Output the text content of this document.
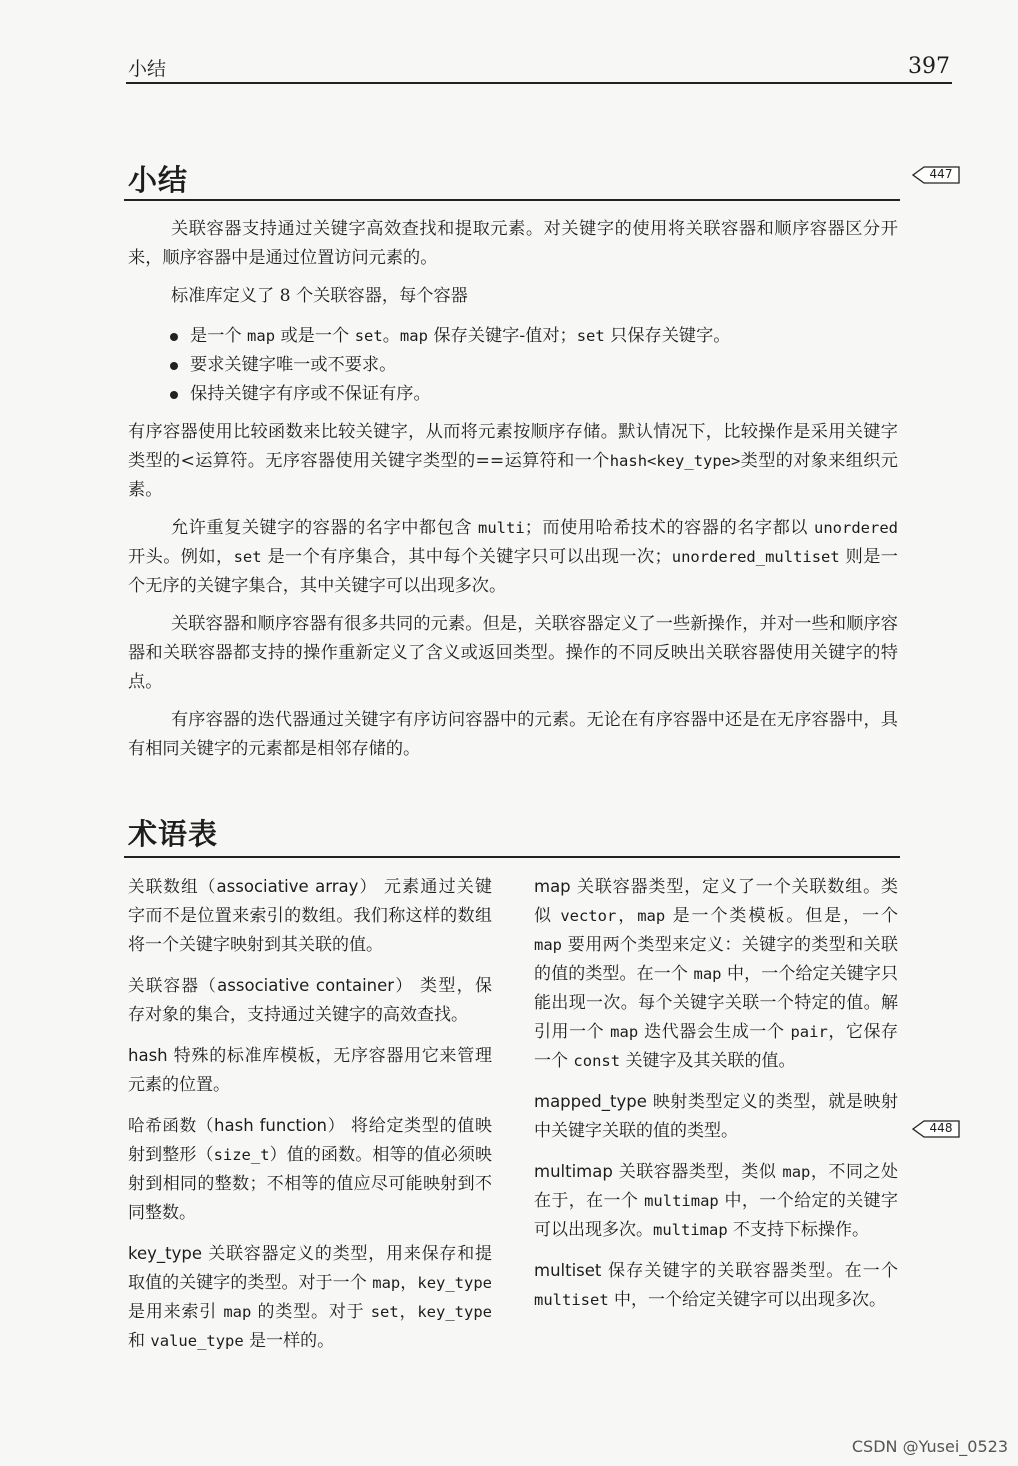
小结	397
小结	447

关联容器支持通过关键字高效查找和提取元素。对关键字的使用将关联容器和顺序容器区分开来，顺序容器中是通过位置访问元素的。

标准库定义了 8 个关联容器，每个容器

是一个 map 或是一个 set。map 保存关键字-值对；set 只保存关键字。
要求关键字唯一或不要求。
保持关键字有序或不保证有序。

有序容器使用比较函数来比较关键字，从而将元素按顺序存储。默认情况下，比较操作是采用关键字类型的<运算符。无序容器使用关键字类型的==运算符和一个hash<key_type>类型的对象来组织元素。

允许重复关键字的容器的名字中都包含 multi；而使用哈希技术的容器的名字都以 unordered 开头。例如，set 是一个有序集合，其中每个关键字只可以出现一次；unordered_multiset 则是一个无序的关键字集合，其中关键字可以出现多次。

关联容器和顺序容器有很多共同的元素。但是，关联容器定义了一些新操作，并对一些和顺序容器和关联容器都支持的操作重新定义了含义或返回类型。操作的不同反映出关联容器使用关键字的特点。

有序容器的迭代器通过关键字有序访问容器中的元素。无论在有序容器中还是在无序容器中，具有相同关键字的元素都是相邻存储的。

术语表
448

关联数组（associative array） 元素通过关键字而不是位置来索引的数组。我们称这样的数组将一个关键字映射到其关联的值。

关联容器（associative container） 类型，保存对象的集合，支持通过关键字的高效查找。

hash 特殊的标准库模板，无序容器用它来管理元素的位置。

哈希函数（hash function） 将给定类型的值映射到整形（size_t）值的函数。相等的值必须映射到相同的整数；不相等的值应尽可能映射到不同整数。

key_type 关联容器定义的类型，用来保存和提取值的关键字的类型。对于一个 map，key_type 是用来索引 map 的类型。对于 set，key_type 和 value_type 是一样的。

map 关联容器类型，定义了一个关联数组。类似 vector，map 是一个类模板。但是，一个 map 要用两个类型来定义：关键字的类型和关联的值的类型。在一个 map 中，一个给定关键字只能出现一次。每个关键字关联一个特定的值。解引用一个 map 迭代器会生成一个 pair，它保存一个 const 关键字及其关联的值。

mapped_type 映射类型定义的类型，就是映射中关键字关联的值的类型。

multimap 关联容器类型，类似 map，不同之处在于，在一个 multimap 中，一个给定的关键字可以出现多次。multimap 不支持下标操作。

multiset 保存关键字的关联容器类型。在一个 multiset 中，一个给定关键字可以出现多次。

CSDN @Yusei_0523
